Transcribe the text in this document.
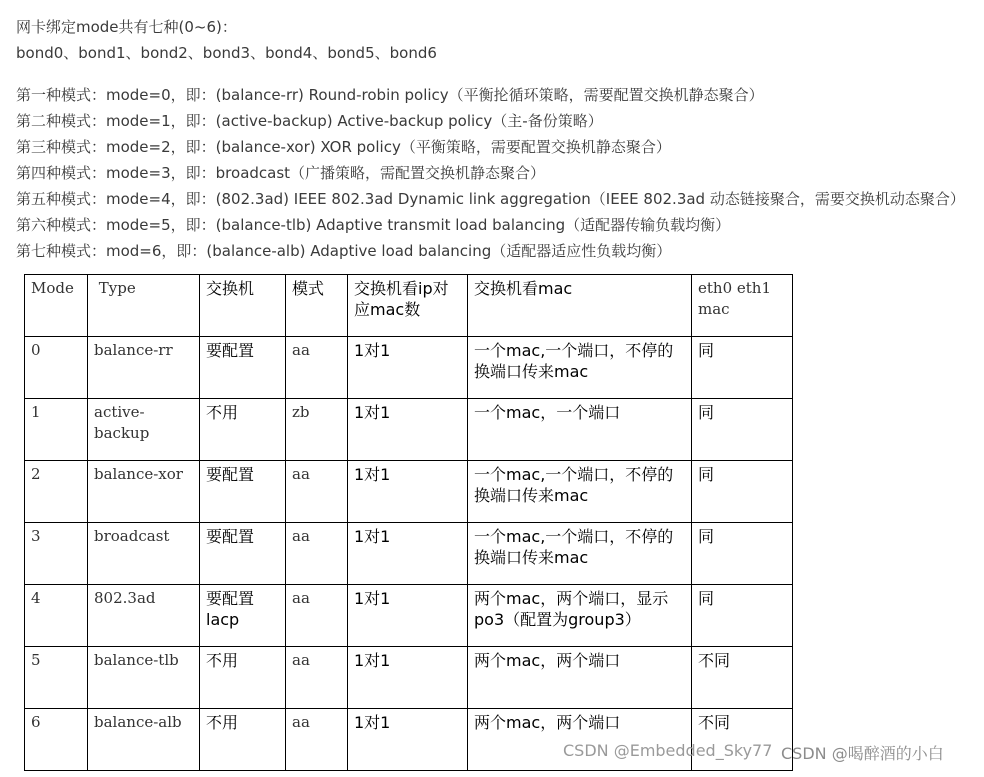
网卡绑定mode共有七种(0~6)：

bond0、bond1、bond2、bond3、bond4、bond5、bond6

第一种模式：mode=0，即：(balance-rr) Round-robin policy（平衡抡循环策略，需要配置交换机静态聚合）

第二种模式：mode=1，即：(active-backup) Active-backup policy（主-备份策略）

第三种模式：mode=2，即：(balance-xor) XOR policy（平衡策略，需要配置交换机静态聚合）

第四种模式：mode=3，即：broadcast（广播策略，需配置交换机静态聚合）

第五种模式：mode=4，即：(802.3ad) IEEE 802.3ad Dynamic link aggregation（IEEE 802.3ad 动态链接聚合，需要交换机动态聚合）

第六种模式：mode=5，即：(balance-tlb) Adaptive transmit load balancing（适配器传输负载均衡）

第七种模式：mod=6，即：(balance-alb) Adaptive load balancing（适配器适应性负载均衡）

Mode	Type	交换机	模式	交换机看ip对应mac数	交换机看mac	eth0 eth1 mac
0	balance-rr	要配置	aa	1对1	一个mac,一个端口，不停的换端口传来mac	同
1	active-backup	不用	zb	1对1	一个mac，一个端口	同
2	balance-xor	要配置	aa	1对1	一个mac,一个端口，不停的换端口传来mac	同
3	broadcast	要配置	aa	1对1	一个mac,一个端口，不停的换端口传来mac	同
4	802.3ad	要配置lacp	aa	1对1	两个mac，两个端口，显示po3（配置为group3）	同
5	balance-tlb	不用	aa	1对1	两个mac，两个端口	不同
6	balance-alb	不用	aa	1对1	两个mac，两个端口	不同
CSDN @Embedded_Sky77 CSDN @喝醉酒的小白
